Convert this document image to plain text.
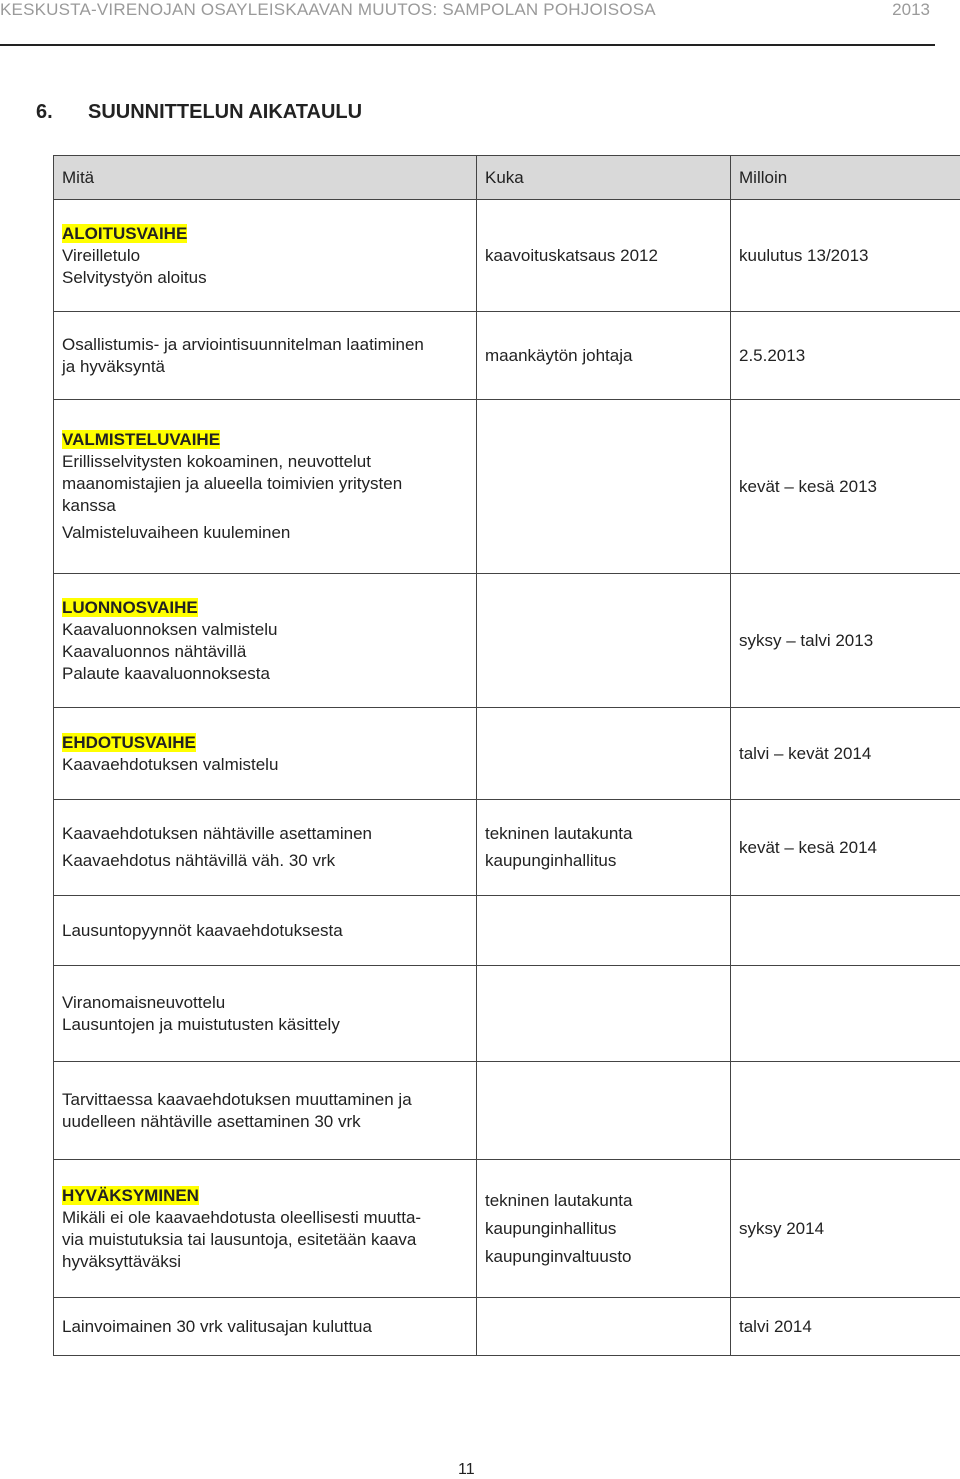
KESKUSTA-VIRENOJAN OSAYLEISKAAVAN MUUTOS: SAMPOLAN POHJOISOSA	2013
6. SUUNNITTELUN AIKATAULU
Mitä	Kuka	Milloin
ALOITUSVAIHE
Vireilletulo
Selvitystyön aloitus	kaavoituskatsaus 2012	kuulutus 13/2013

Osallistumis- ja arviointisuunnitelman laatiminen
ja hyväksyntä	maankäytön johtaja	2.5.2013
VALMISTELUVAIHE
Erillisselvitysten kokoaminen, neuvottelut
maanomistajien ja alueella toimivien yritysten
kanssa
Valmisteluvaiheen kuuleminen		kevät – kesä 2013
LUONNOSVAIHE
Kaavaluonnoksen valmistelu
Kaavaluonnos nähtävillä
Palaute kaavaluonnoksesta		syksy – talvi 2013
EHDOTUSVAIHE
Kaavaehdotuksen valmistelu		talvi – kevät 2014

Kaavaehdotuksen nähtäville asettaminen
Kaavaehdotus nähtävillä väh. 30 vrk	tekninen lautakunta
kaupunginhallitus	kevät – kesä 2014

Lausuntopyynnöt kaavaehdotuksesta		

Viranomaisneuvottelu
Lausuntojen ja muistutusten käsittely		

Tarvittaessa kaavaehdotuksen muuttaminen ja
uudelleen nähtäville asettaminen 30 vrk		

HYVÄKSYMINEN
Mikäli ei ole kaavaehdotusta oleellisesti muutta-
via muistutuksia tai lausuntoja, esitetään kaava
hyväksyttäväksi	tekninen lautakunta
kaupunginhallitus
kaupunginvaltuusto	syksy 2014

Lainvoimainen 30 vrk valitusajan kuluttua		talvi 2014
11
